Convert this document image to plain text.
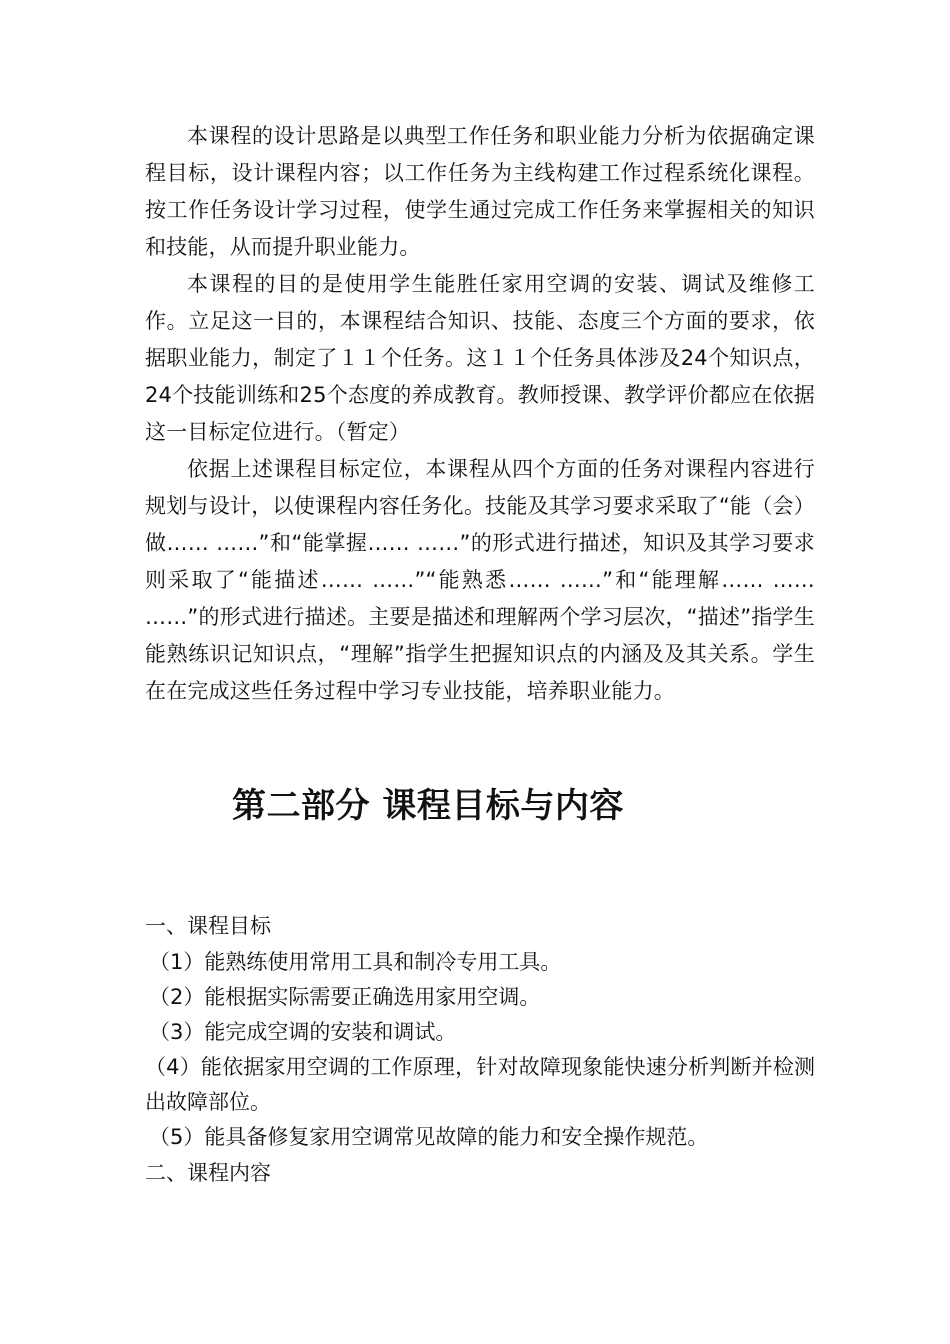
本课程的设计思路是以典型工作任务和职业能力分析为依据确定课程目标，设计课程内容；以工作任务为主线构建工作过程系统化课程。按工作任务设计学习过程，使学生通过完成工作任务来掌握相关的知识和技能，从而提升职业能力。

本课程的目的是使用学生能胜任家用空调的安装、调试及维修工作。立足这一目的，本课程结合知识、技能、态度三个方面的要求，依据职业能力，制定了１１个任务。这１１个任务具体涉及24个知识点，24个技能训练和25个态度的养成教育。教师授课、教学评价都应在依据这一目标定位进行。（暂定）

依据上述课程目标定位，本课程从四个方面的任务对课程内容进行规划与设计，以使课程内容任务化。技能及其学习要求采取了“能（会）做…… ……”和“能掌握…… ……”的形式进行描述，知识及其学习要求则采取了“能描述…… ……”“能熟悉…… ……”和“能理解…… …… ……”的形式进行描述。主要是描述和理解两个学习层次，“描述”指学生能熟练识记知识点，“理解”指学生把握知识点的内涵及及其关系。学生在在完成这些任务过程中学习专业技能，培养职业能力。

第二部分 课程目标与内容

一、课程目标

（1）能熟练使用常用工具和制冷专用工具。

（2）能根据实际需要正确选用家用空调。

（3）能完成空调的安装和调试。

（4）能依据家用空调的工作原理，针对故障现象能快速分析判断并检测出故障部位。

（5）能具备修复家用空调常见故障的能力和安全操作规范。

二、课程内容
